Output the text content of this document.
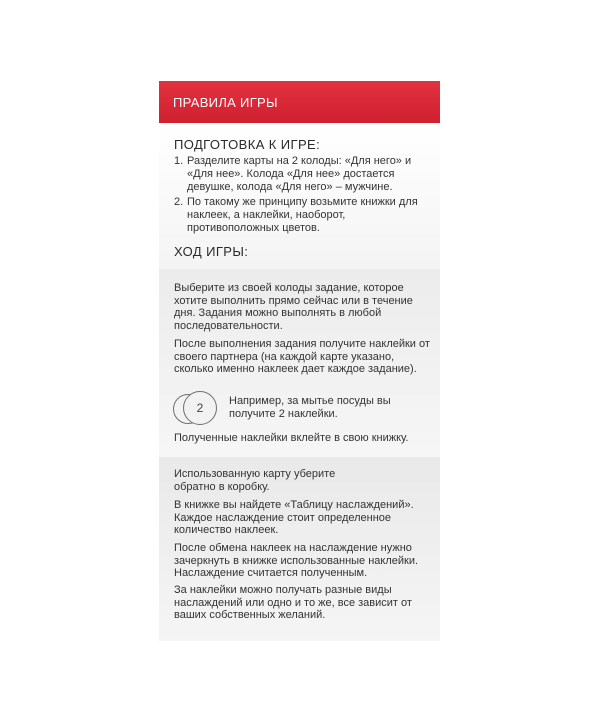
ПРАВИЛА ИГРЫ
ПОДГОТОВКА К ИГРЕ:
1. Разделите карты на 2 колоды: «Для него» и «Для нее». Колода «Для нее» достается девушке, колода «Для него» – мужчине.
2. По такому же принципу возьмите книжки для наклеек, а наклейки, наоборот, противоположных цветов.
ХОД ИГРЫ:
Выберите из своей колоды задание, которое хотите выполнить прямо сейчас или в течение дня. Задания можно выполнять в любой последовательности.
После выполнения задания получите наклейки от своего партнера (на каждой карте указано, сколько именно наклеек дает каждое задание).
2	Например, за мытье посуды вы получите 2 наклейки.
Полученные наклейки вклейте в свою книжку.
Использованную карту уберите обратно в коробку.
В книжке вы найдете «Таблицу наслаждений». Каждое наслаждение стоит определенное количество наклеек.
После обмена наклеек на наслаждение нужно зачеркнуть в книжке использованные наклейки. Наслаждение считается полученным.
За наклейки можно получать разные виды наслаждений или одно и то же, все зависит от ваших собственных желаний.
